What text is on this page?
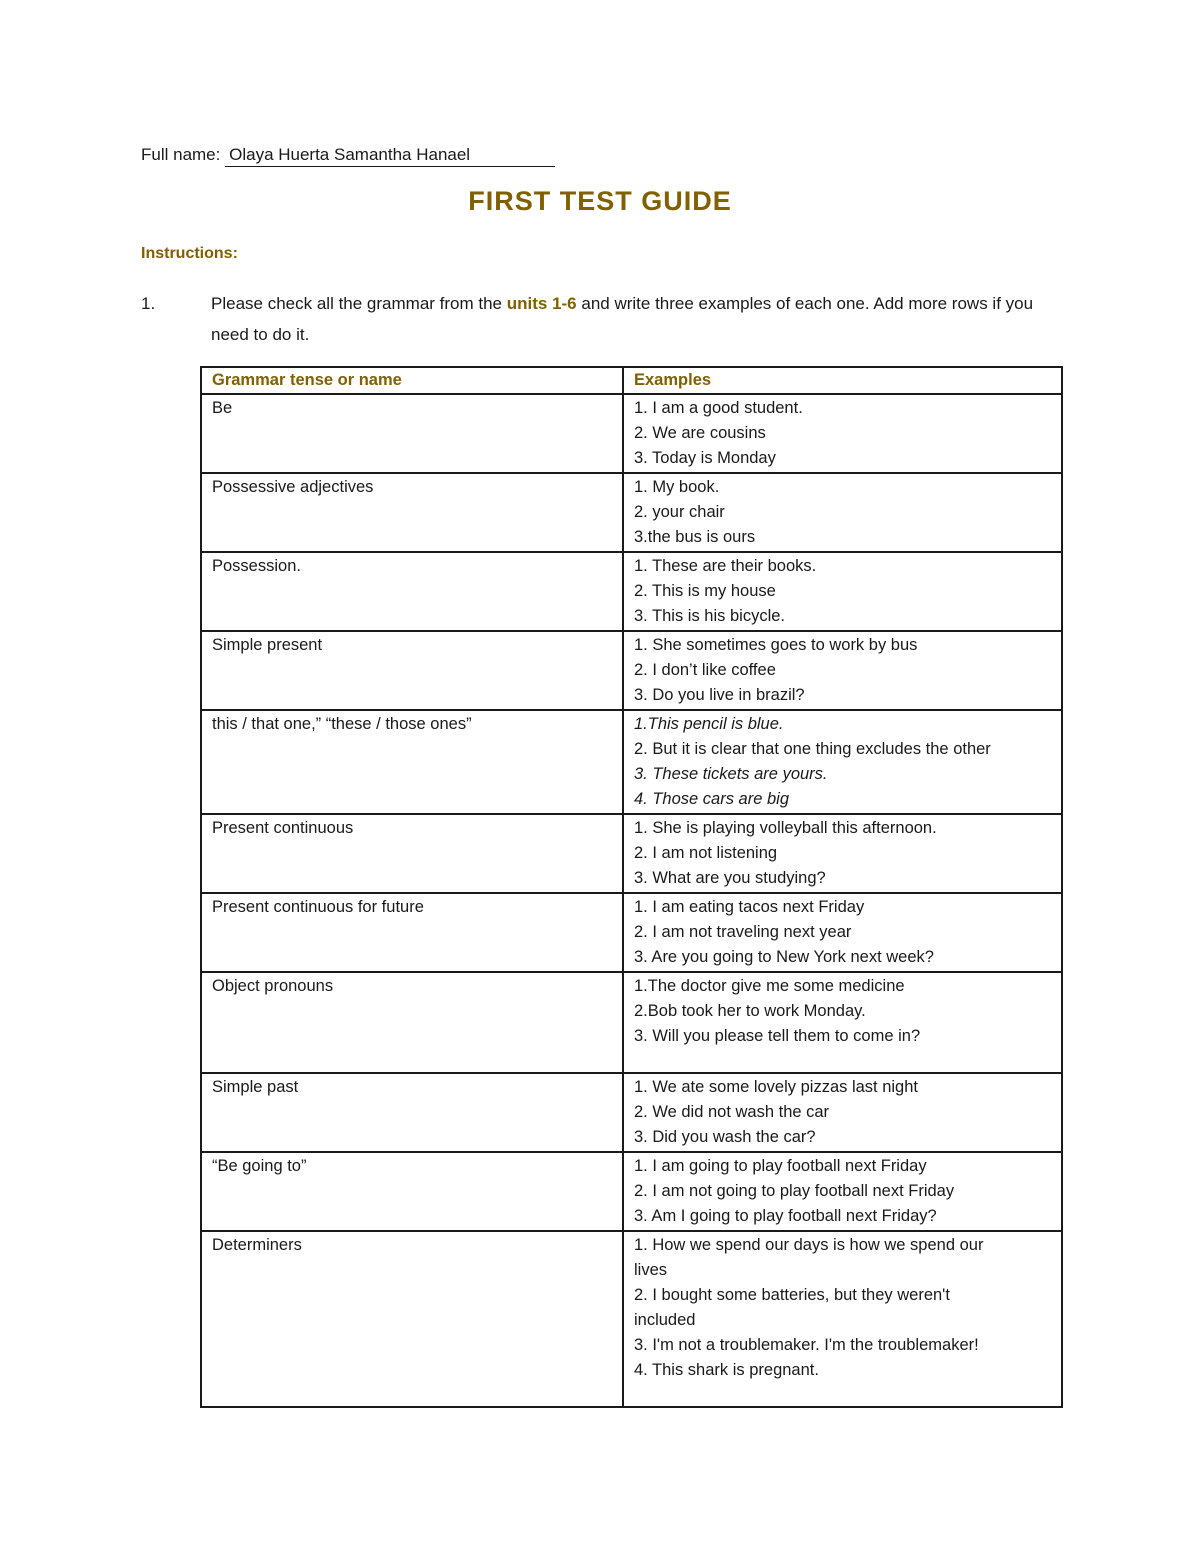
Full name: Olaya Huerta Samantha Hanael
FIRST TEST GUIDE
Instructions:
1.	Please check all the grammar from the units 1-6 and write three examples of each one. Add more rows if you need to do it.
Grammar tense or name	Examples
Be	1. I am a good student.
2. We are cousins
3. Today is Monday

Possessive adjectives	1. My book.
2. your chair
3.the bus is ours

Possession.	1. These are their books.
2. This is my house
3. This is his bicycle.

Simple present	1. She sometimes goes to work by bus
2. I don’t like coffee
3. Do you live in brazil?

this / that one,” “these / those ones”	1.This pencil is blue.
2. But it is clear that one thing excludes the other
3. These tickets are yours.
4. Those cars are big

Present continuous	1. She is playing volleyball this afternoon.
2. I am not listening
3. What are you studying?

Present continuous for future	1. I am eating tacos next Friday
2. I am not traveling next year
3. Are you going to New York next week?

Object pronouns	1.The doctor give me some medicine
2.Bob took her to work Monday.
3. Will you please tell them to come in?

Simple past	1. We ate some lovely pizzas last night
2. We did not wash the car
3. Did you wash the car?

“Be going to”	1. I am going to play football next Friday
2. I am not going to play football next Friday
3. Am I going to play football next Friday?

Determiners	1. How we spend our days is how we spend our lives
2. I bought some batteries, but they weren't included
3. I'm not a troublemaker. I'm the troublemaker!
4. This shark is pregnant.
